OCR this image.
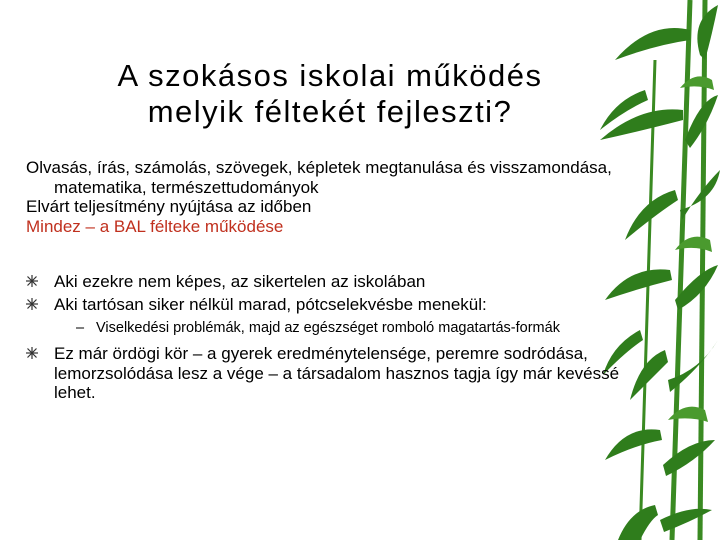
A szokásos iskolai működés
melyik féltekét fejleszti?

Olvasás, írás, számolás, szövegek, képletek megtanulása és visszamondása, matematika, természettudományok

Elvárt teljesítmény nyújtása az időben

Mindez – a BAL félteke működése

Aki ezekre nem képes, az sikertelen az iskolában
Aki tartósan siker nélkül marad, pótcselekvésbe menekül:
– Viselkedési problémák, majd az egészséget romboló magatartás-formák
Ez már ördögi kör – a gyerek eredménytelensége, peremre sodródása, lemorzsolódása lesz a vége – a társadalom hasznos tagja így már kevéssé lehet.
